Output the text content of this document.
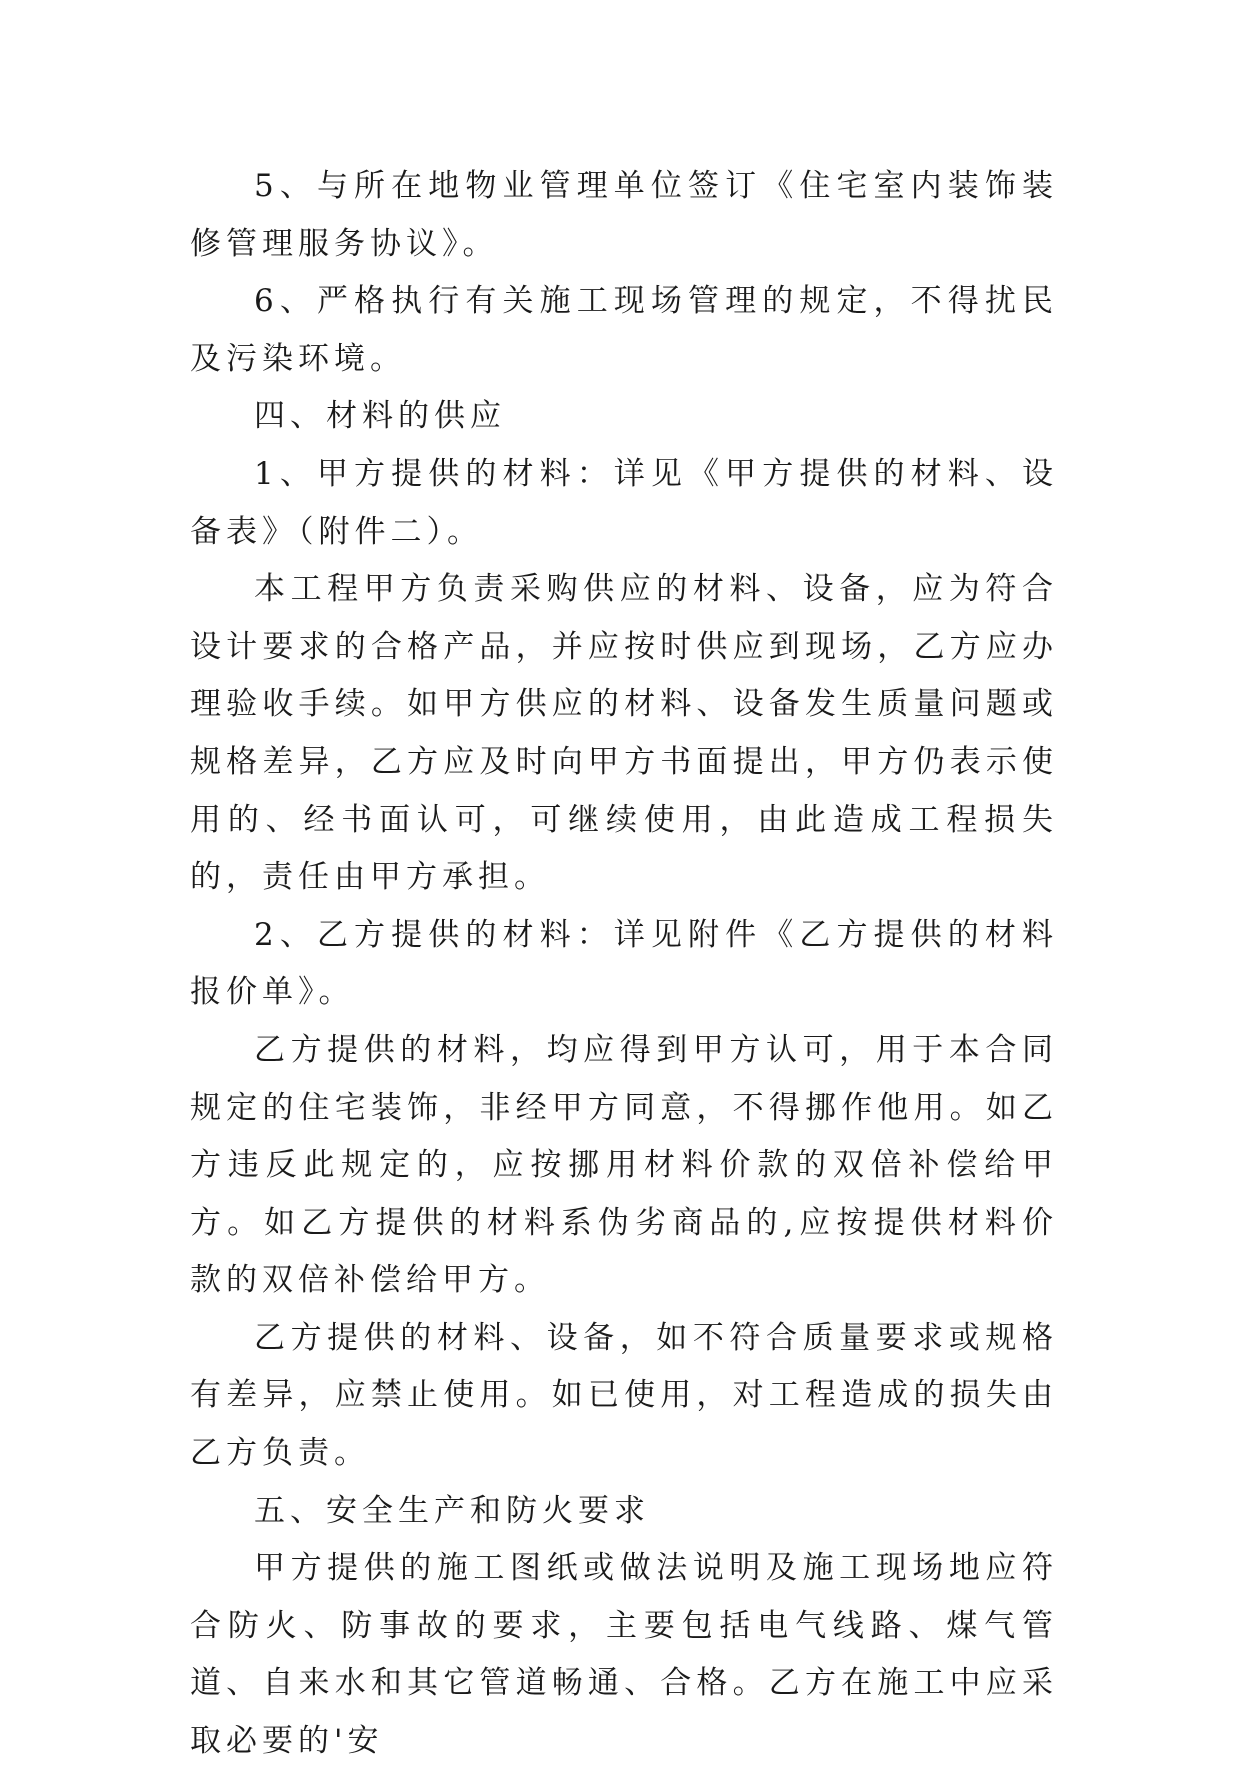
5、与所在地物业管理单位签订《住宅室内装饰装修管理服务协议》。

6、严格执行有关施工现场管理的规定，不得扰民及污染环境。

四、材料的供应

1、甲方提供的材料：详见《甲方提供的材料、设备表》（附件二）。

本工程甲方负责采购供应的材料、设备，应为符合设计要求的合格产品，并应按时供应到现场，乙方应办理验收手续。如甲方供应的材料、设备发生质量问题或规格差异，乙方应及时向甲方书面提出，甲方仍表示使用的、经书面认可，可继续使用，由此造成工程损失的，责任由甲方承担。

2、乙方提供的材料：详见附件《乙方提供的材料报价单》。

乙方提供的材料，均应得到甲方认可，用于本合同规定的住宅装饰，非经甲方同意，不得挪作他用。如乙方违反此规定的，应按挪用材料价款的双倍补偿给甲方。如乙方提供的材料系伪劣商品的,应按提供材料价款的双倍补偿给甲方。

乙方提供的材料、设备，如不符合质量要求或规格有差异，应禁止使用。如已使用，对工程造成的损失由乙方负责。

五、安全生产和防火要求

甲方提供的施工图纸或做法说明及施工现场地应符合防火、防事故的要求，主要包括电气线路、煤气管道、自来水和其它管道畅通、合格。乙方在施工中应采取必要的'安
